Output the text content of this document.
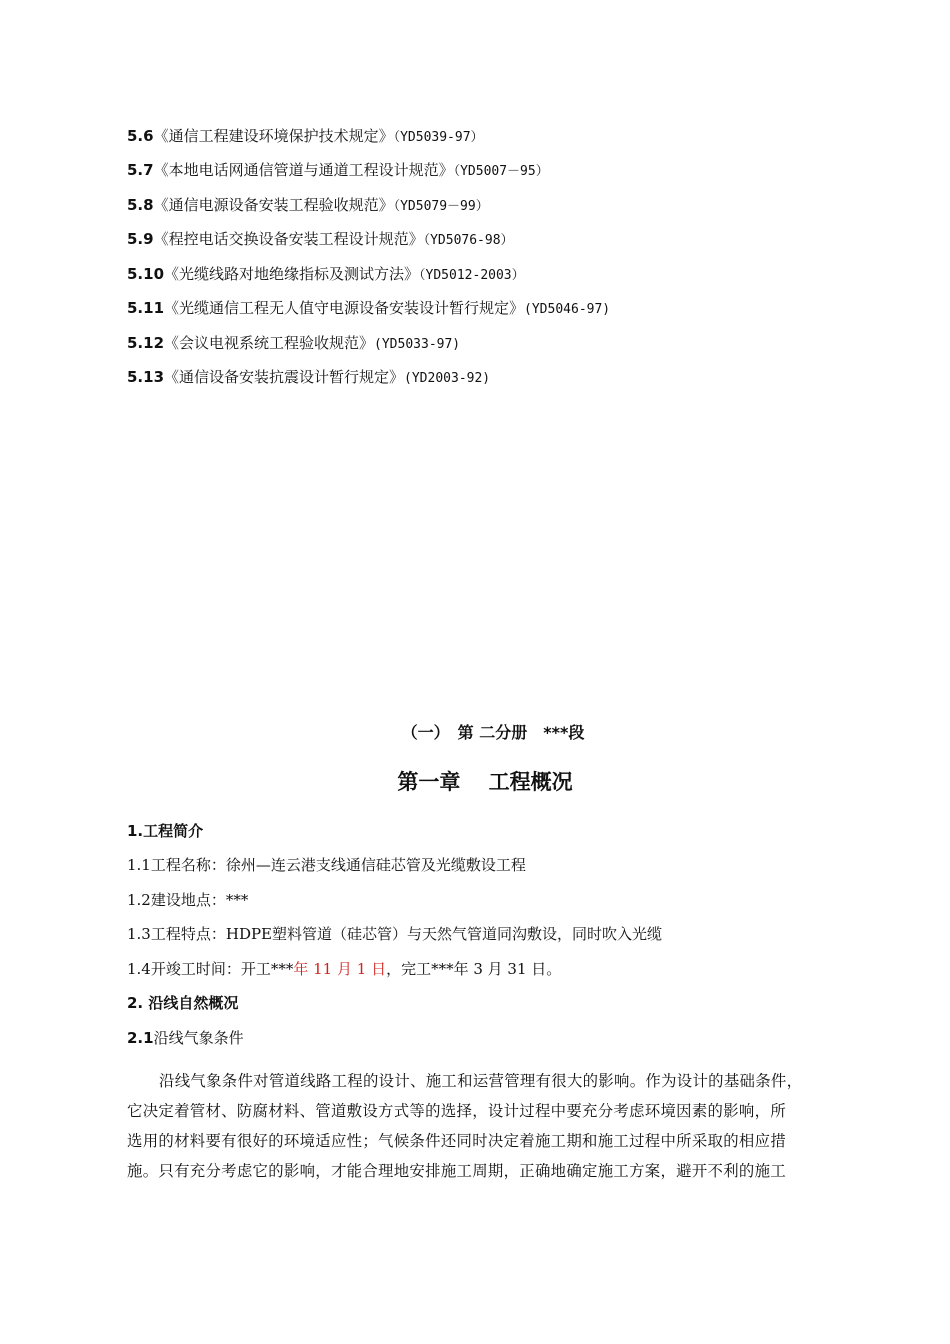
5.6《通信工程建设环境保护技术规定》（YD5039-97）
5.7《本地电话网通信管道与通道工程设计规范》（YD5007－95）
5.8《通信电源设备安装工程验收规范》（YD5079－99）
5.9《程控电话交换设备安装工程设计规范》（YD5076-98）
5.10《光缆线路对地绝缘指标及测试方法》（YD5012-2003）
5.11《光缆通信工程无人值守电源设备安装设计暂行规定》(YD5046-97)
5.12《会议电视系统工程验收规范》(YD5033-97)
5.13《通信设备安装抗震设计暂行规定》(YD2003-92)
（一）　第 二分册　***段
第一章　 工程概况
1.工程简介
1.1工程名称：徐州—连云港支线通信硅芯管及光缆敷设工程
1.2建设地点：***
1.3工程特点：HDPE塑料管道（硅芯管）与天然气管道同沟敷设，同时吹入光缆
1.4开竣工时间：开工***年 11 月 1 日，完工***年 3 月 31 日。
2. 沿线自然概况
2.1沿线气象条件
沿线气象条件对管道线路工程的设计、施工和运营管理有很大的影响。作为设计的基础条件，
它决定着管材、防腐材料、管道敷设方式等的选择，设计过程中要充分考虑环境因素的影响，所
选用的材料要有很好的环境适应性；气候条件还同时决定着施工期和施工过程中所采取的相应措
施。只有充分考虑它的影响，才能合理地安排施工周期，正确地确定施工方案，避开不利的施工
